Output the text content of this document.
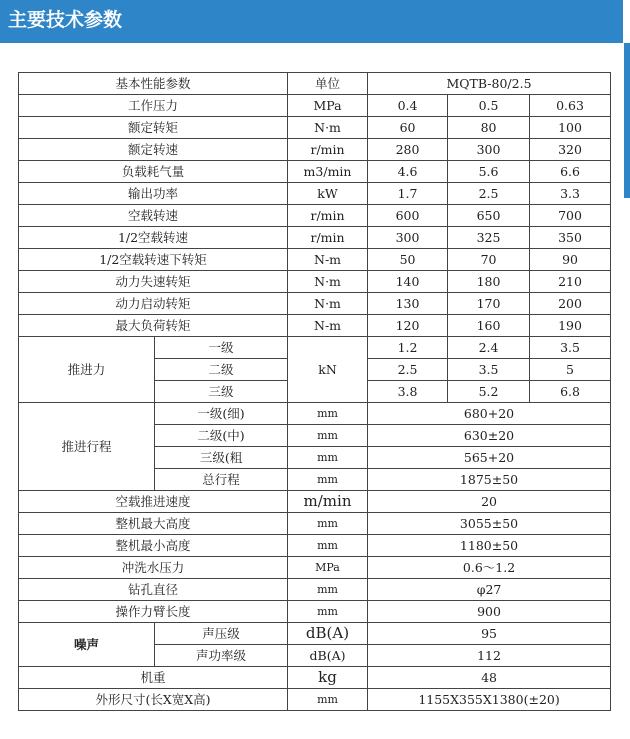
主要技术参数
基本性能参数		单位	MQTB-80/2.5		
工作压力		MPa	0.4	0.5	0.63
额定转矩		N·m	60	80	100
额定转速		r/min	280	300	320
负载耗气量		m3/min	4.6	5.6	6.6
输出功率		kW	1.7	2.5	3.3
空载转速		r/min	600	650	700
1/2空载转速		r/min	300	325	350
1/2空载转速下转矩		N-m	50	70	90
动力失速转矩		N·m	140	180	210
动力启动转矩		N·m	130	170	200
最大负荷转矩		N-m	120	160	190
推进力	一级	kN	1.2	2.4	3.5
	二级		2.5	3.5	5
	三级		3.8	5.2	6.8
推进行程	一级(细)	mm	680+20		
	二级(中)	mm	630±20		
	三级(粗	mm	565+20		
	总行程	mm	1875±50		
空载推进速度		m/min	20		
整机最大高度		mm	3055±50		
整机最小高度		mm	1180±50		
冲洗水压力		MPa	0.6～1.2		
钻孔直径		mm	φ27		
操作力臂长度		mm	900		
噪声	声压级	dB(A)	95		
	声功率级	dB(A)	112		
机重		kg	48		
外形尺寸(长X宽X高)		mm	1155X355X1380(±20)		
